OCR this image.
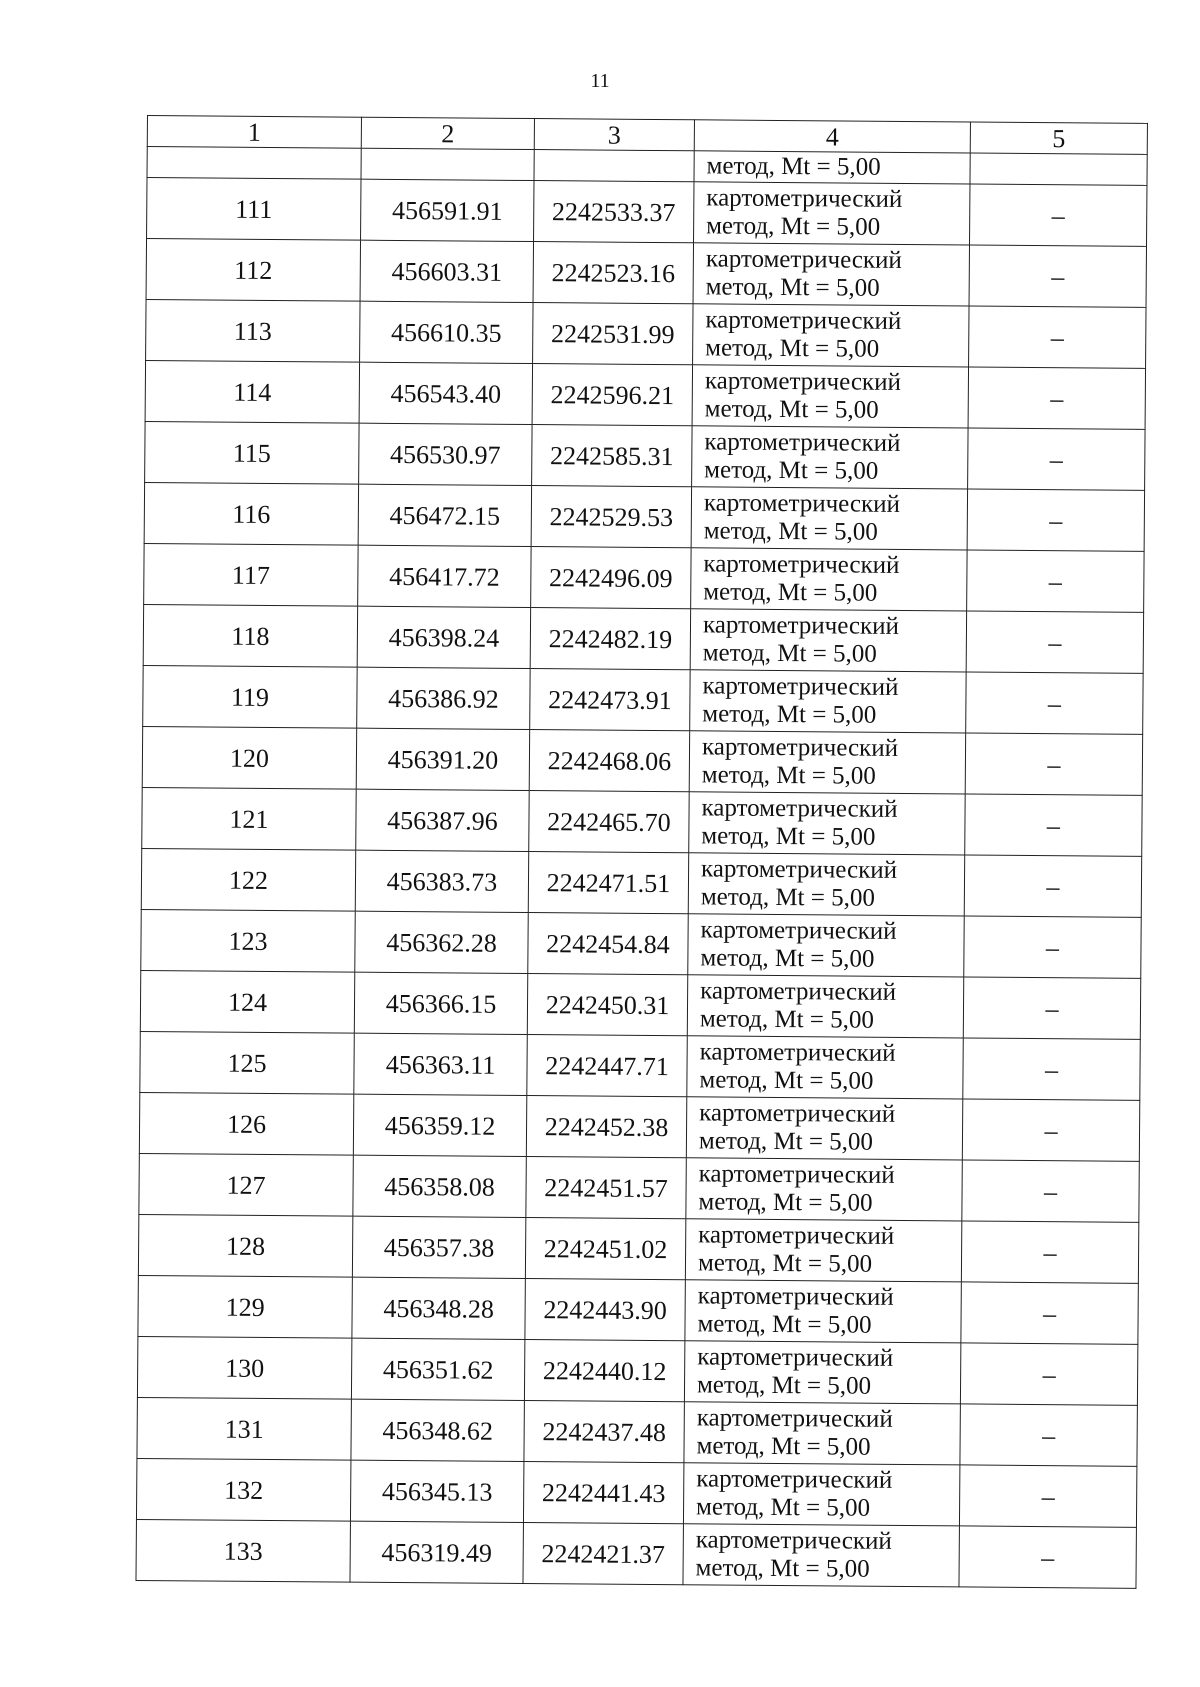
11
1	2	3	4	5
			метод, Mt = 5,00	
111	456591.91	2242533.37	картометрический
метод, Mt = 5,00	–
112	456603.31	2242523.16	картометрический
метод, Mt = 5,00	–
113	456610.35	2242531.99	картометрический
метод, Mt = 5,00	–
114	456543.40	2242596.21	картометрический
метод, Mt = 5,00	–
115	456530.97	2242585.31	картометрический
метод, Mt = 5,00	–
116	456472.15	2242529.53	картометрический
метод, Mt = 5,00	–
117	456417.72	2242496.09	картометрический
метод, Mt = 5,00	–
118	456398.24	2242482.19	картометрический
метод, Mt = 5,00	–
119	456386.92	2242473.91	картометрический
метод, Mt = 5,00	–
120	456391.20	2242468.06	картометрический
метод, Mt = 5,00	–
121	456387.96	2242465.70	картометрический
метод, Mt = 5,00	–
122	456383.73	2242471.51	картометрический
метод, Mt = 5,00	–
123	456362.28	2242454.84	картометрический
метод, Mt = 5,00	–
124	456366.15	2242450.31	картометрический
метод, Mt = 5,00	–
125	456363.11	2242447.71	картометрический
метод, Mt = 5,00	–
126	456359.12	2242452.38	картометрический
метод, Mt = 5,00	–
127	456358.08	2242451.57	картометрический
метод, Mt = 5,00	–
128	456357.38	2242451.02	картометрический
метод, Mt = 5,00	–
129	456348.28	2242443.90	картометрический
метод, Mt = 5,00	–
130	456351.62	2242440.12	картометрический
метод, Mt = 5,00	–
131	456348.62	2242437.48	картометрический
метод, Mt = 5,00	–
132	456345.13	2242441.43	картометрический
метод, Mt = 5,00	–
133	456319.49	2242421.37	картометрический
метод, Mt = 5,00	–
